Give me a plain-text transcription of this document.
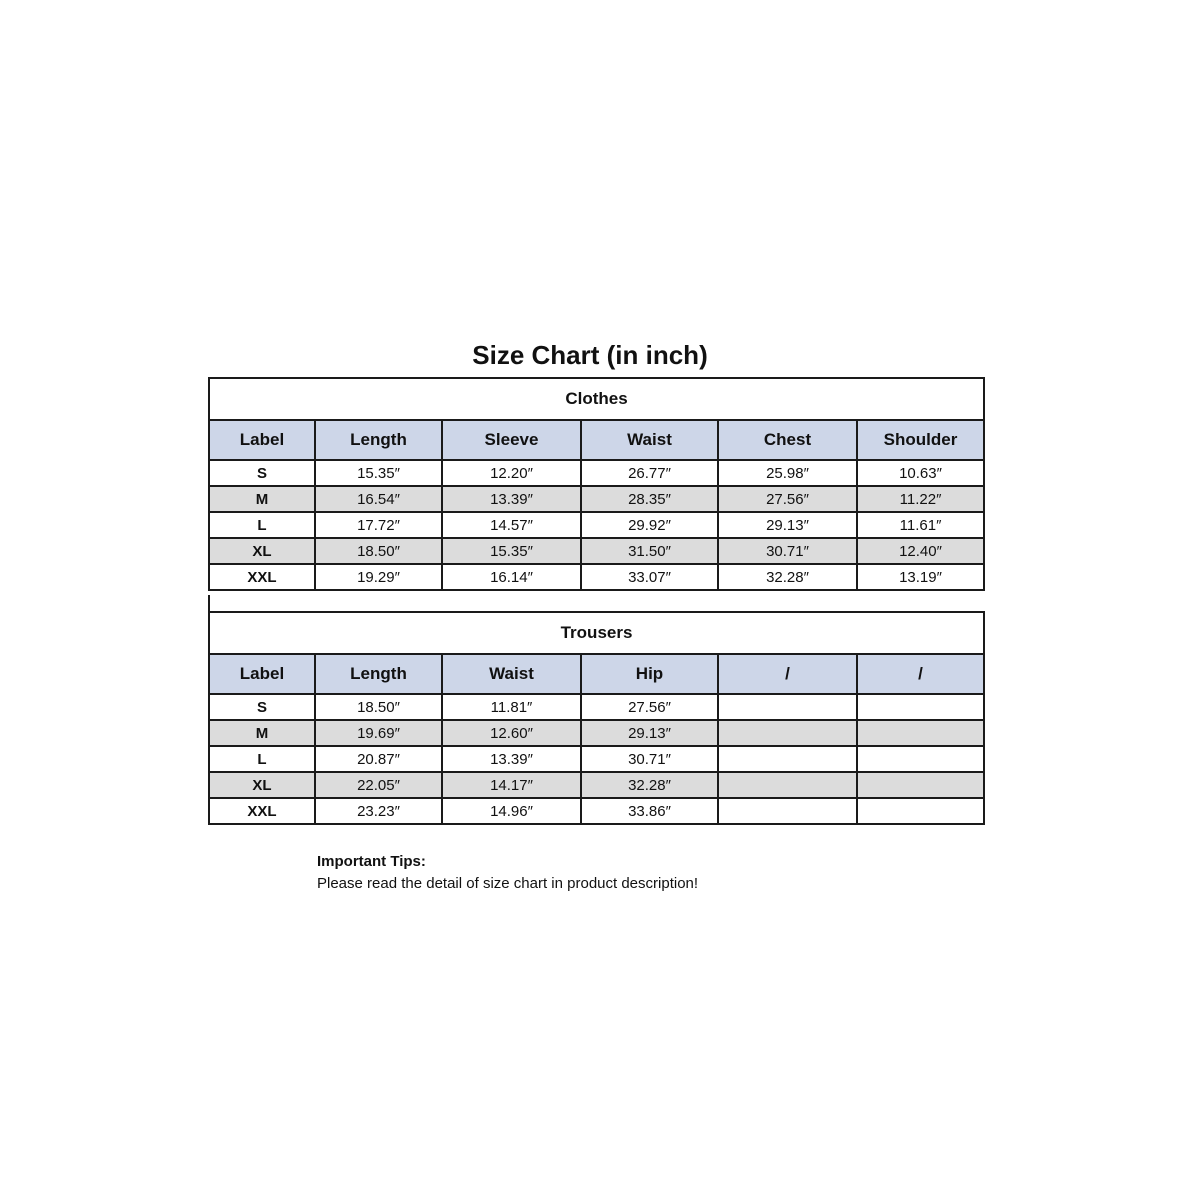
Size Chart (in inch)
Clothes					
Label	Length	Sleeve	Waist	Chest	Shoulder
S	15.35″	12.20″	26.77″	25.98″	10.63″
M	16.54″	13.39″	28.35″	27.56″	11.22″
L	17.72″	14.57″	29.92″	29.13″	11.61″
XL	18.50″	15.35″	31.50″	30.71″	12.40″
XXL	19.29″	16.14″	33.07″	32.28″	13.19″
Trousers					
Label	Length	Waist	Hip	/	/
S	18.50″	11.81″	27.56″		
M	19.69″	12.60″	29.13″		
L	20.87″	13.39″	30.71″		
XL	22.05″	14.17″	32.28″		
XXL	23.23″	14.96″	33.86″		
Important Tips:
Please read the detail of size chart in product description!
